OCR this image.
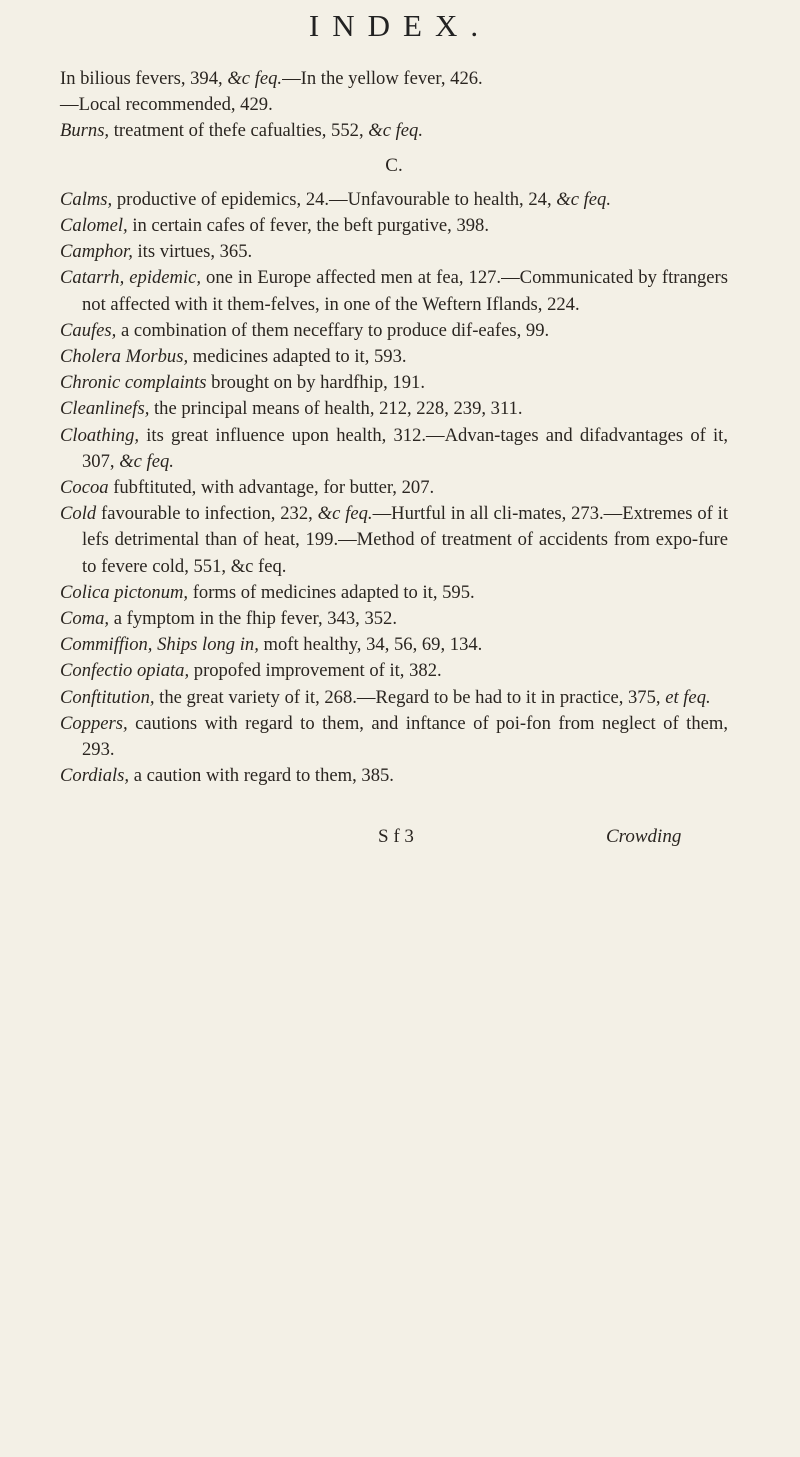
INDEX.

In bilious fevers, 394, &c feq.—In the yellow fever, 426.

—Local recommended, 429.

Burns, treatment of thefe cafualties, 552, &c feq.

C.

Calms, productive of epidemics, 24.—Unfavourable to health, 24, &c feq.

Calomel, in certain cafes of fever, the beft purgative, 398.

Camphor, its virtues, 365.

Catarrh, epidemic, one in Europe affected men at fea, 127.—Communicated by ftrangers not affected with it them-felves, in one of the Weftern Iflands, 224.

Caufes, a combination of them neceffary to produce dif-eafes, 99.

Cholera Morbus, medicines adapted to it, 593.

Chronic complaints brought on by hardfhip, 191.

Cleanlinefs, the principal means of health, 212, 228, 239, 311.

Cloathing, its great influence upon health, 312.—Advan-tages and difadvantages of it, 307, &c feq.

Cocoa fubftituted, with advantage, for butter, 207.

Cold favourable to infection, 232, &c feq.—Hurtful in all cli-mates, 273.—Extremes of it lefs detrimental than of heat, 199.—Method of treatment of accidents from expo-fure to fevere cold, 551, &c feq.

Colica pictonum, forms of medicines adapted to it, 595.

Coma, a fymptom in the fhip fever, 343, 352.

Commiffion, Ships long in, moft healthy, 34, 56, 69, 134.

Confectio opiata, propofed improvement of it, 382.

Conftitution, the great variety of it, 268.—Regard to be had to it in practice, 375, et feq.

Coppers, cautions with regard to them, and inftance of poi-fon from neglect of them, 293.

Cordials, a caution with regard to them, 385.

S f 3	Crowding
